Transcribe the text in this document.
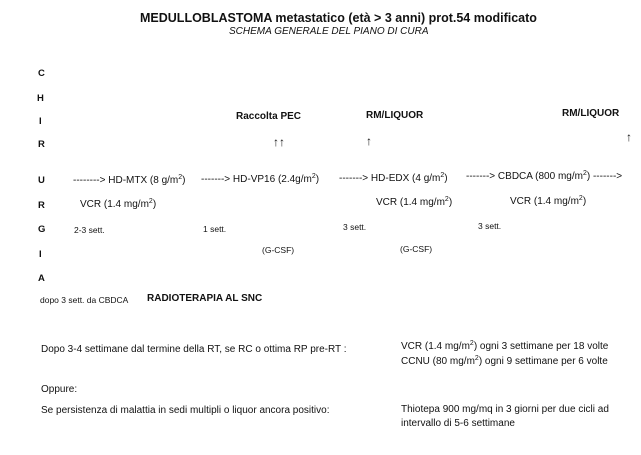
MEDULLOBLASTOMA metastatico (età > 3 anni) prot.54 modificato
SCHEMA GENERALE DEL PIANO DI CURA
C
H
I
R
U
R
G
I
A
Raccolta PEC	RM/LIQUOR	RM/LIQUOR
↑↑	↑	↑
--------> HD-MTX (8 $g/m^2$) -------> HD-VP16 $(2.4g/m^2)$ -------> HD-EDX (4 $g/m^2$) -------> CBDCA (800 $mg/m^2$) ------->
VCR (1.4 $mg/m^2$)	VCR (1.4 $mg/m^2$)	VCR (1.4 $mg/m^2$)
2-3 sett.	1 sett.	3 sett.	3 sett.
(G-CSF)	(G-CSF)
dopo 3 sett. da CBDCA RADIOTERAPIA AL SNC
Dopo 3-4 settimane dal termine della RT, se RC o ottima RP pre-RT :	VCR (1.4 $mg/m^2$) ogni 3 settimane per 18 volte
CCNU (80 $mg/m^2$) ogni 9 settimane per 6 volte
Oppure:
Se persistenza di malattia in sedi multipli o liquor ancora positivo:	Thiotepa 900 mg/mq in 3 giorni per due cicli ad
intervallo di 5-6 settimane
